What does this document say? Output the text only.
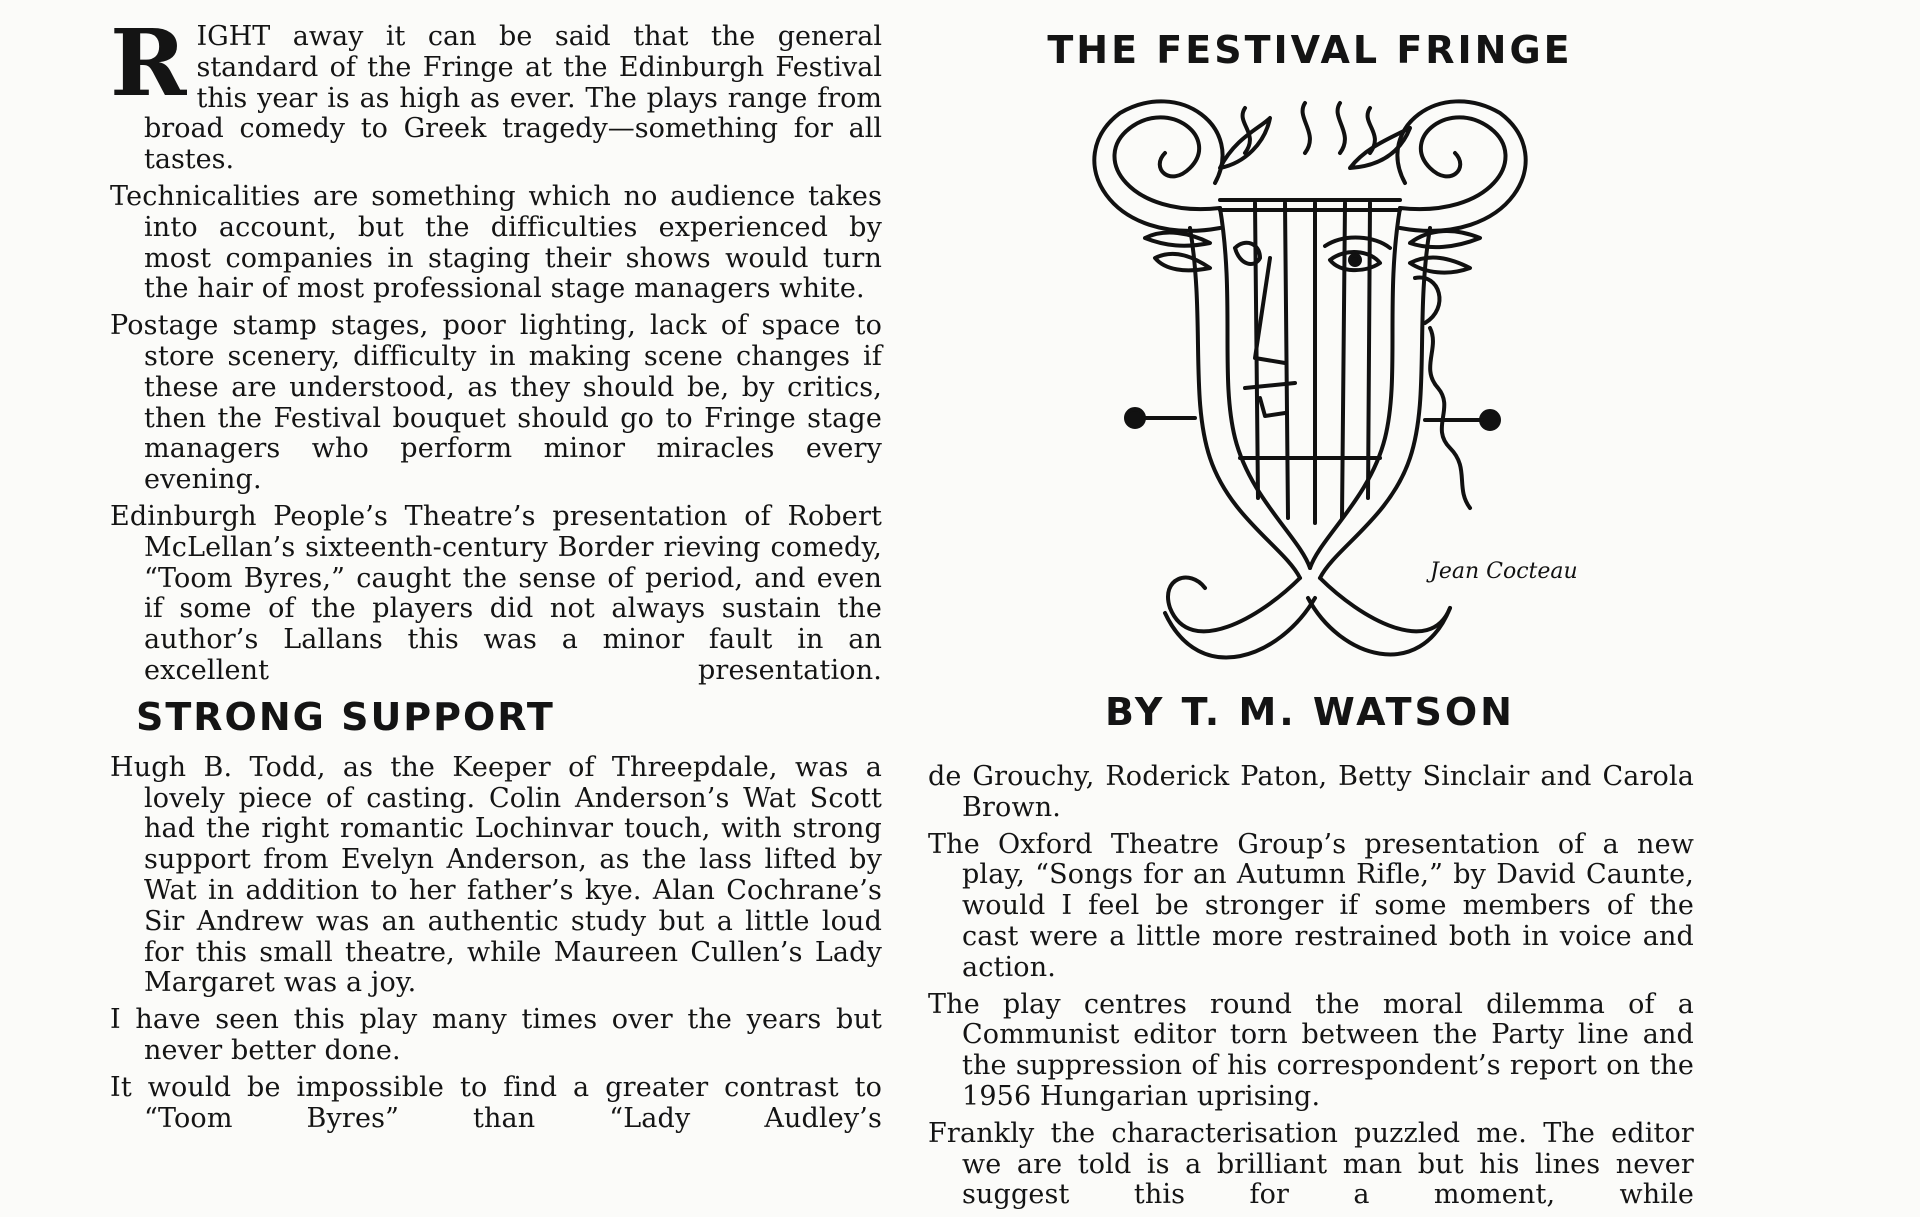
THE FESTIVAL FRINGE
Jean Cocteau
BY T. M. WATSON

R IGHT away it can be said that the general standard of the Fringe at the Edinburgh Festival this year is as high as ever. The plays range from broad comedy to Greek tragedy—something for all tastes.

Technicalities are something which no audience takes into account, but the difficulties experienced by most companies in staging their shows would turn the hair of most professional stage managers white.

Postage stamp stages, poor lighting, lack of space to store scenery, difficulty in making scene changes if these are understood, as they should be, by critics, then the Festival bouquet should go to Fringe stage managers who perform minor miracles every evening.

Edinburgh People’s Theatre’s presentation of Robert McLellan’s sixteenth-century Border rieving comedy, “Toom Byres,” caught the sense of period, and even if some of the players did not always sustain the author’s Lallans this was a minor fault in an excellent presentation.

STRONG SUPPORT

Hugh B. Todd, as the Keeper of Threepdale, was a lovely piece of casting. Colin Anderson’s Wat Scott had the right romantic Lochinvar touch, with strong support from Evelyn Anderson, as the lass lifted by Wat in addition to her father’s kye. Alan Cochrane’s Sir Andrew was an authentic study but a little loud for this small theatre, while Maureen Cullen’s Lady Margaret was a joy.

I have seen this play many times over the years but never better done.

It would be impossible to find a greater contrast to “Toom Byres” than “Lady Audley’s

de Grouchy, Roderick Paton, Betty Sinclair and Carola Brown.

The Oxford Theatre Group’s presentation of a new play, “Songs for an Autumn Rifle,” by David Caunte, would I feel be stronger if some members of the cast were a little more restrained both in voice and action.

The play centres round the moral dilemma of a Communist editor torn between the Party line and the suppression of his correspondent’s report on the 1956 Hungarian uprising.

Frankly the characterisation puzzled me. The editor we are told is a brilliant man but his lines never suggest this for a moment, while
